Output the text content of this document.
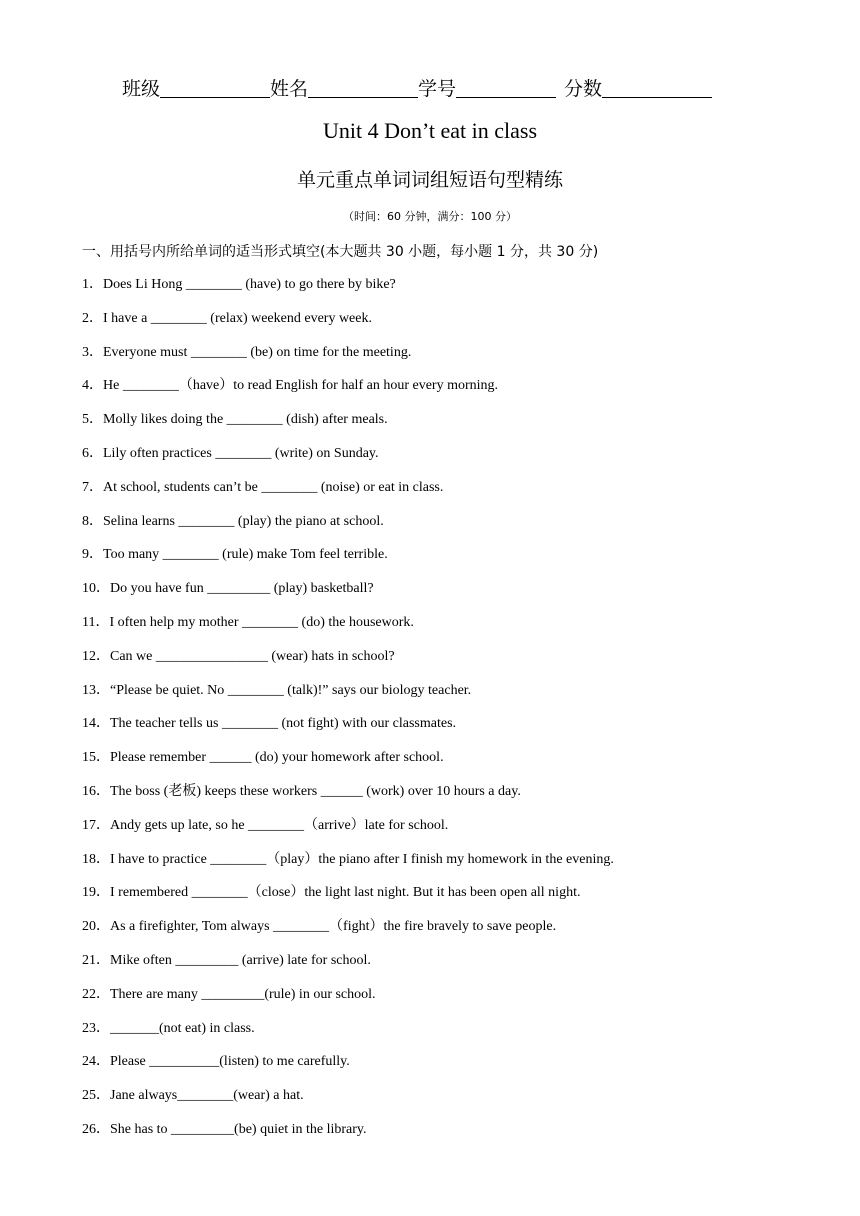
班级	姓名	学号	分数
Unit 4 Don’t eat in class
单元重点单词词组短语句型精练
（时间：60 分钟，满分：100 分）
一、用括号内所给单词的适当形式填空(本大题共 30 小题，每小题 1 分，共 30 分)
1．Does Li Hong ________ (have) to go there by bike?
2．I have a ________ (relax) weekend every week.
3．Everyone must ________ (be) on time for the meeting.
4．He ________（have）to read English for half an hour every morning.
5．Molly likes doing the ________ (dish) after meals.
6．Lily often practices ________ (write) on Sunday.
7．At school, students can’t be ________ (noise) or eat in class.
8．Selina learns ________ (play) the piano at school.
9．Too many ________ (rule) make Tom feel terrible.
10．Do you have fun _________ (play) basketball?
11．I often help my mother ________ (do) the housework.
12．Can we ________________ (wear) hats in school?
13．“Please be quiet. No ________ (talk)!” says our biology teacher.
14．The teacher tells us ________ (not fight) with our classmates.
15．Please remember ______ (do) your homework after school.
16．The boss (老板) keeps these workers ______ (work) over 10 hours a day.
17．Andy gets up late, so he ________（arrive）late for school.
18．I have to practice ________（play）the piano after I finish my homework in the evening.
19．I remembered ________（close）the light last night. But it has been open all night.
20．As a firefighter, Tom always ________（fight）the fire bravely to save people.
21．Mike often _________ (arrive) late for school.
22．There are many _________(rule) in our school.
23．_______(not eat) in class.
24．Please __________(listen) to me carefully.
25．Jane always________(wear) a hat.
26．She has to _________(be) quiet in the library.
